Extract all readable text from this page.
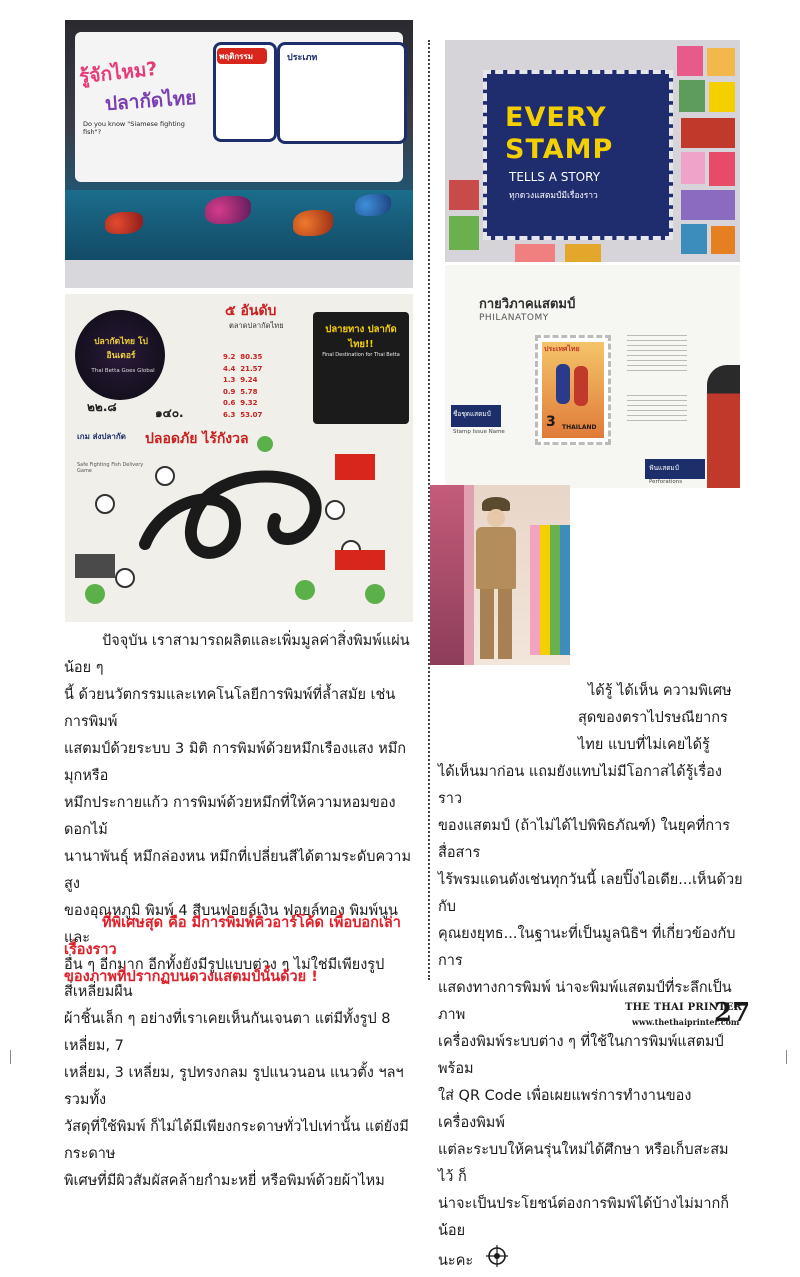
พฤติกรรม	ประเภท
รู้จักไหม?
ปลากัดไทย
Do you know "Siamese fighting fish"?
ปลากัดไทย โปอินเตอร์
Thai Betta Goes Global
๕ อันดับ
ตลาดปลากัดไทย	ปลายทาง ปลากัดไทย!!
Final Destination for Thai Betta
9.2 80.35
4.4 21.57
1.3 9.24
0.9 5.78
0.6 9.32
6.3 53.07
๒๒.๘	๑๔๐.
เกม ส่งปลากัด	ปลอดภัย ไร้กังวล
Safe Fighting Fish Delivery Game
EVERY
STAMP
TELLS A STORY
ทุกดวงแสตมป์มีเรื่องราว
กายวิภาคแสตมป์
PHILANATOMY
ประเทศไทย
3 THAILAND
ชื่อชุดแสตมป์
Stamp Issue Name
ฟันแสตมป์
Perforations

ปัจจุบัน เราสามารถผลิตและเพิ่มมูลค่าสิ่งพิมพ์แผ่นน้อย ๆ

นี้ ด้วยนวัตกรรมและเทคโนโลยีการพิมพ์ที่ล้ำสมัย เช่น การพิมพ์

แสตมป์ด้วยระบบ 3 มิติ การพิมพ์ด้วยหมึกเรืองแสง หมึกมุกหรือ

หมึกประกายแก้ว การพิมพ์ด้วยหมึกที่ให้ความหอมของดอกไม้

นานาพันธุ์ หมึกล่องหน หมึกที่เปลี่ยนสีได้ตามระดับความสูง

ของอุณหภูมิ พิมพ์ 4 สีบนฟอยล์เงิน ฟอยล์ทอง พิมพ์นูน และ

อื่น ๆ อีกมาก อีกทั้งยังมีรูปแบบต่าง ๆ ไม่ใช่มีเพียงรูปสี่เหลี่ยมผืน

ผ้าชิ้นเล็ก ๆ อย่างที่เราเคยเห็นกันเจนตา แต่มีทั้งรูป 8 เหลี่ยม, 7

เหลี่ยม, 3 เหลี่ยม, รูปทรงกลม รูปแนวนอน แนวตั้ง ฯลฯ รวมทั้ง

วัสดุที่ใช้พิมพ์ ก็ไม่ได้มีเพียงกระดาษทั่วไปเท่านั้น แต่ยังมีกระดาษ

พิเศษที่มีผิวสัมผัสคล้ายกำมะหยี่ หรือพิมพ์ด้วยผ้าไหม

ที่พิเศษสุด คือ มีการพิมพ์คิวอาร์โค้ด เพื่อบอกเล่าเรื่องราว

ของภาพที่ปรากฏบนดวงแสตมป์นั้นด้วย !

ได้รู้ ได้เห็น ความพิเศษ

สุดของตราไปรษณียากร

ไทย แบบที่ไม่เคยได้รู้

ได้เห็นมาก่อน แถมยังแทบไม่มีโอกาสได้รู้เรื่องราว

ของแสตมป์ (ถ้าไม่ได้ไปพิพิธภัณฑ์) ในยุคที่การสื่อสาร

ไร้พรมแดนดังเช่นทุกวันนี้ เลยปิ๊งไอเดีย...เห็นด้วยกับ

คุณยงยุทธ...ในฐานะที่เป็นมูลนิธิฯ ที่เกี่ยวข้องกับการ

แสดงทางการพิมพ์ น่าจะพิมพ์แสตมป์ที่ระลึกเป็นภาพ

เครื่องพิมพ์ระบบต่าง ๆ ที่ใช้ในการพิมพ์แสตมป์พร้อม

ใส่ QR Code เพื่อเผยแพร่การทำงานของเครื่องพิมพ์

แต่ละระบบให้คนรุ่นใหม่ได้ศึกษา หรือเก็บสะสมไว้ ก็

น่าจะเป็นประโยชน์ต่องการพิมพ์ได้บ้างไม่มากก็น้อย

นะคะ

THE THAI PRINTER
www.thethaiprinter.com
27
